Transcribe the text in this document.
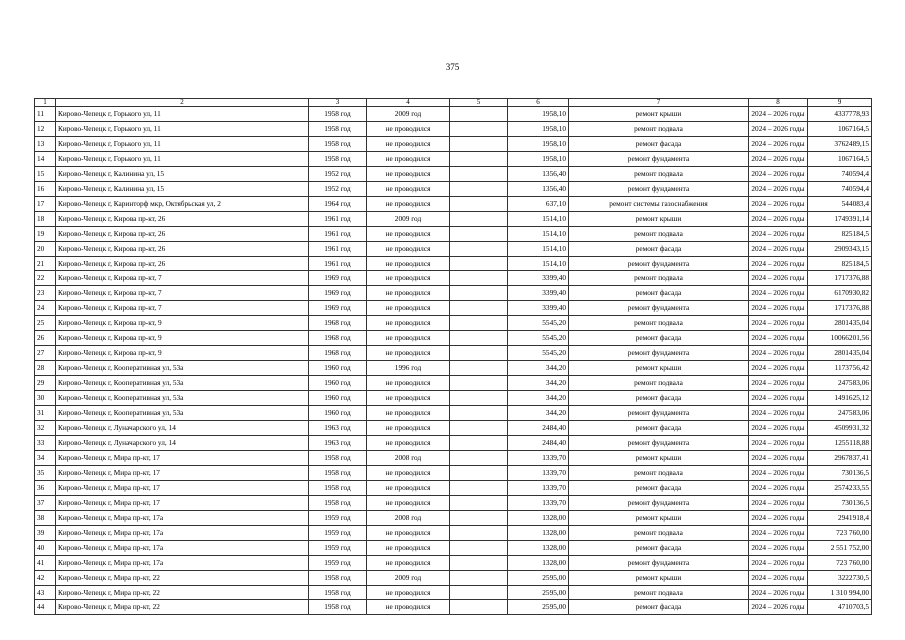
375
1	2	3	4	5	6	7	8	9
11	Кирово-Чепецк г, Горького ул, 11	1958 год	2009 год		1958,10	ремонт крыши	2024 – 2026 годы	4337778,93
12	Кирово-Чепецк г, Горького ул, 11	1958 год	не проводился		1958,10	ремонт подвала	2024 – 2026 годы	1067164,5
13	Кирово-Чепецк г, Горького ул, 11	1958 год	не проводился		1958,10	ремонт фасада	2024 – 2026 годы	3762489,15
14	Кирово-Чепецк г, Горького ул, 11	1958 год	не проводился		1958,10	ремонт фундамента	2024 – 2026 годы	1067164,5
15	Кирово-Чепецк г, Калинина ул, 15	1952 год	не проводился		1356,40	ремонт подвала	2024 – 2026 годы	740594,4
16	Кирово-Чепецк г, Калинина ул, 15	1952 год	не проводился		1356,40	ремонт фундамента	2024 – 2026 годы	740594,4
17	Кирово-Чепецк г, Каринторф мкр, Октябрьская ул, 2	1964 год	не проводился		637,10	ремонт системы газоснабжения	2024 – 2026 годы	544083,4
18	Кирово-Чепецк г, Кирова пр-кт, 26	1961 год	2009 год		1514,10	ремонт крыши	2024 – 2026 годы	1749391,14
19	Кирово-Чепецк г, Кирова пр-кт, 26	1961 год	не проводился		1514,10	ремонт подвала	2024 – 2026 годы	825184,5
20	Кирово-Чепецк г, Кирова пр-кт, 26	1961 год	не проводился		1514,10	ремонт фасада	2024 – 2026 годы	2909343,15
21	Кирово-Чепецк г, Кирова пр-кт, 26	1961 год	не проводился		1514,10	ремонт фундамента	2024 – 2026 годы	825184,5
22	Кирово-Чепецк г, Кирова пр-кт, 7	1969 год	не проводился		3399,40	ремонт подвала	2024 – 2026 годы	1717376,88
23	Кирово-Чепецк г, Кирова пр-кт, 7	1969 год	не проводился		3399,40	ремонт фасада	2024 – 2026 годы	6170930,82
24	Кирово-Чепецк г, Кирова пр-кт, 7	1969 год	не проводился		3399,40	ремонт фундамента	2024 – 2026 годы	1717376,88
25	Кирово-Чепецк г, Кирова пр-кт, 9	1968 год	не проводился		5545,20	ремонт подвала	2024 – 2026 годы	2801435,04
26	Кирово-Чепецк г, Кирова пр-кт, 9	1968 год	не проводился		5545,20	ремонт фасада	2024 – 2026 годы	10066201,56
27	Кирово-Чепецк г, Кирова пр-кт, 9	1968 год	не проводился		5545,20	ремонт фундамента	2024 – 2026 годы	2801435,04
28	Кирово-Чепецк г, Кооперативная ул, 53а	1960 год	1996 год		344,20	ремонт крыши	2024 – 2026 годы	1173756,42
29	Кирово-Чепецк г, Кооперативная ул, 53а	1960 год	не проводился		344,20	ремонт подвала	2024 – 2026 годы	247583,06
30	Кирово-Чепецк г, Кооперативная ул, 53а	1960 год	не проводился		344,20	ремонт фасада	2024 – 2026 годы	1491625,12
31	Кирово-Чепецк г, Кооперативная ул, 53а	1960 год	не проводился		344,20	ремонт фундамента	2024 – 2026 годы	247583,06
32	Кирово-Чепецк г, Луначарского ул, 14	1963 год	не проводился		2484,40	ремонт фасада	2024 – 2026 годы	4509931,32
33	Кирово-Чепецк г, Луначарского ул, 14	1963 год	не проводился		2484,40	ремонт фундамента	2024 – 2026 годы	1255118,88
34	Кирово-Чепецк г, Мира пр-кт, 17	1958 год	2008 год		1339,70	ремонт крыши	2024 – 2026 годы	2967837,41
35	Кирово-Чепецк г, Мира пр-кт, 17	1958 год	не проводился		1339,70	ремонт подвала	2024 – 2026 годы	730136,5
36	Кирово-Чепецк г, Мира пр-кт, 17	1958 год	не проводился		1339,70	ремонт фасада	2024 – 2026 годы	2574233,55
37	Кирово-Чепецк г, Мира пр-кт, 17	1958 год	не проводился		1339,70	ремонт фундамента	2024 – 2026 годы	730136,5
38	Кирово-Чепецк г, Мира пр-кт, 17а	1959 год	2008 год		1328,00	ремонт крыши	2024 – 2026 годы	2941918,4
39	Кирово-Чепецк г, Мира пр-кт, 17а	1959 год	не проводился		1328,00	ремонт подвала	2024 – 2026 годы	723 760,00
40	Кирово-Чепецк г, Мира пр-кт, 17а	1959 год	не проводился		1328,00	ремонт фасада	2024 – 2026 годы	2 551 752,00
41	Кирово-Чепецк г, Мира пр-кт, 17а	1959 год	не проводился		1328,00	ремонт фундамента	2024 – 2026 годы	723 760,00
42	Кирово-Чепецк г, Мира пр-кт, 22	1958 год	2009 год		2595,00	ремонт крыши	2024 – 2026 годы	3222730,5
43	Кирово-Чепецк г, Мира пр-кт, 22	1958 год	не проводился		2595,00	ремонт подвала	2024 – 2026 годы	1 310 994,00
44	Кирово-Чепецк г, Мира пр-кт, 22	1958 год	не проводился		2595,00	ремонт фасада	2024 – 2026 годы	4710703,5
